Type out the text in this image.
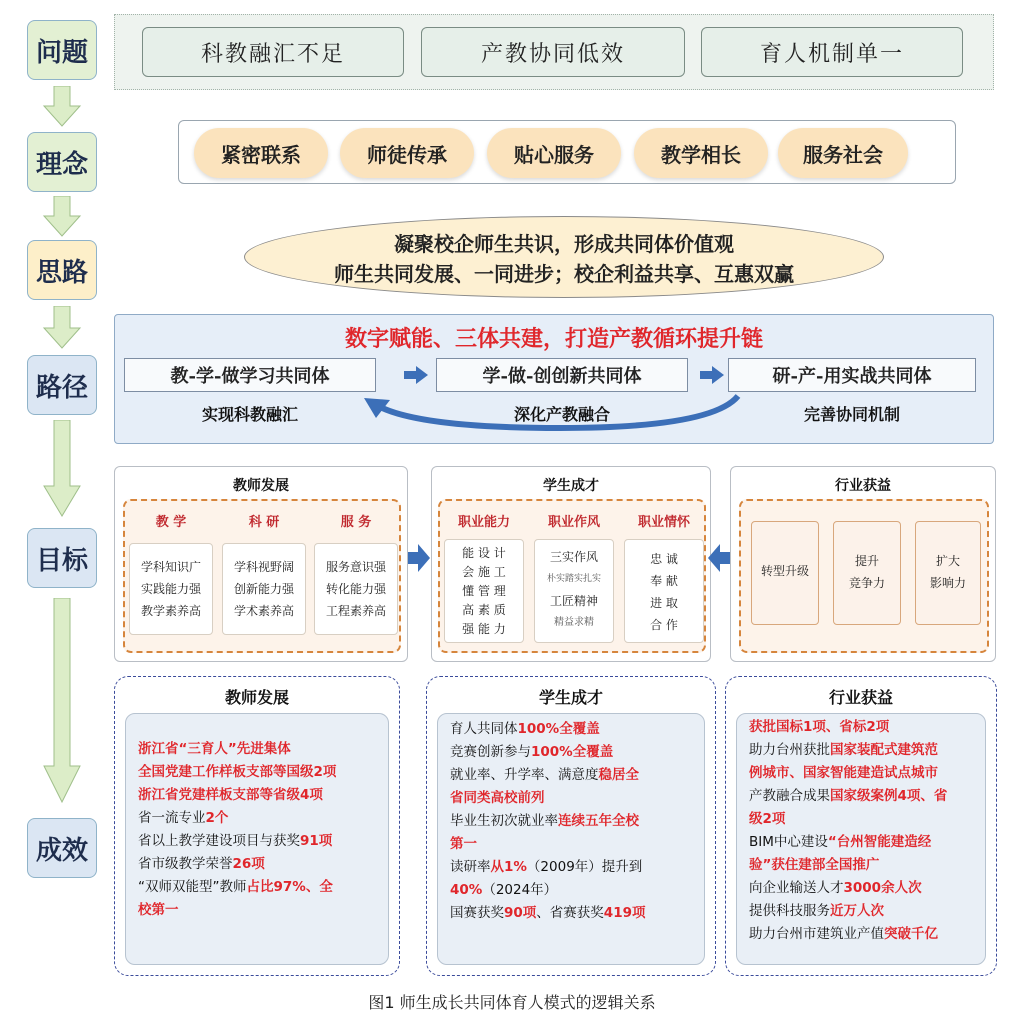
问题
理念
思路
路径
目标
成效
科教融汇不足	产教协同低效	育人机制单一
紧密联系	师徒传承	贴心服务	教学相长	服务社会
凝聚校企师生共识，形成共同体价值观
师生共同发展、一同进步；校企利益共享、互惠双赢
数字赋能、三体共建，打造产教循环提升链
教-学-做学习共同体	学-做-创创新共同体	研-产-用实战共同体
实现科教融汇	深化产教融合	完善协同机制
教师发展
教 学	科 研	服 务
学科知识广
实践能力强
教学素养高
学科视野阔
创新能力强
学术素养高
服务意识强
转化能力强
工程素养高
学生成才
职业能力	职业作风	职业情怀
能 设 计
会 施 工
懂 管 理
高 素 质
强 能 力
三实作风
朴实踏实扎实
工匠精神
精益求精
忠 诚
奉 献
进 取
合 作
行业获益
转型升级
提升
竞争力
扩大
影响力
教师发展
浙江省“三育人”先进集体
全国党建工作样板支部等国级2项
浙江省党建样板支部等省级4项
省一流专业2个
省以上教学建设项目与获奖91项
省市级教学荣誉26项
“双师双能型”教师占比97%、全
校第一
学生成才
育人共同体100%全覆盖
竞赛创新参与100%全覆盖
就业率、升学率、满意度稳居全
省同类高校前列
毕业生初次就业率连续五年全校
第一
读研率从1%（2009年）提升到
40%（2024年）
国赛获奖90项、省赛获奖419项
行业获益
获批国标1项、省标2项
助力台州获批国家装配式建筑范
例城市、国家智能建造试点城市
产教融合成果国家级案例4项、省
级2项
BIM中心建设“台州智能建造经
验”获住建部全国推广
向企业输送人才3000余人次
提供科技服务近万人次
助力台州市建筑业产值突破千亿
图1 师生成长共同体育人模式的逻辑关系
